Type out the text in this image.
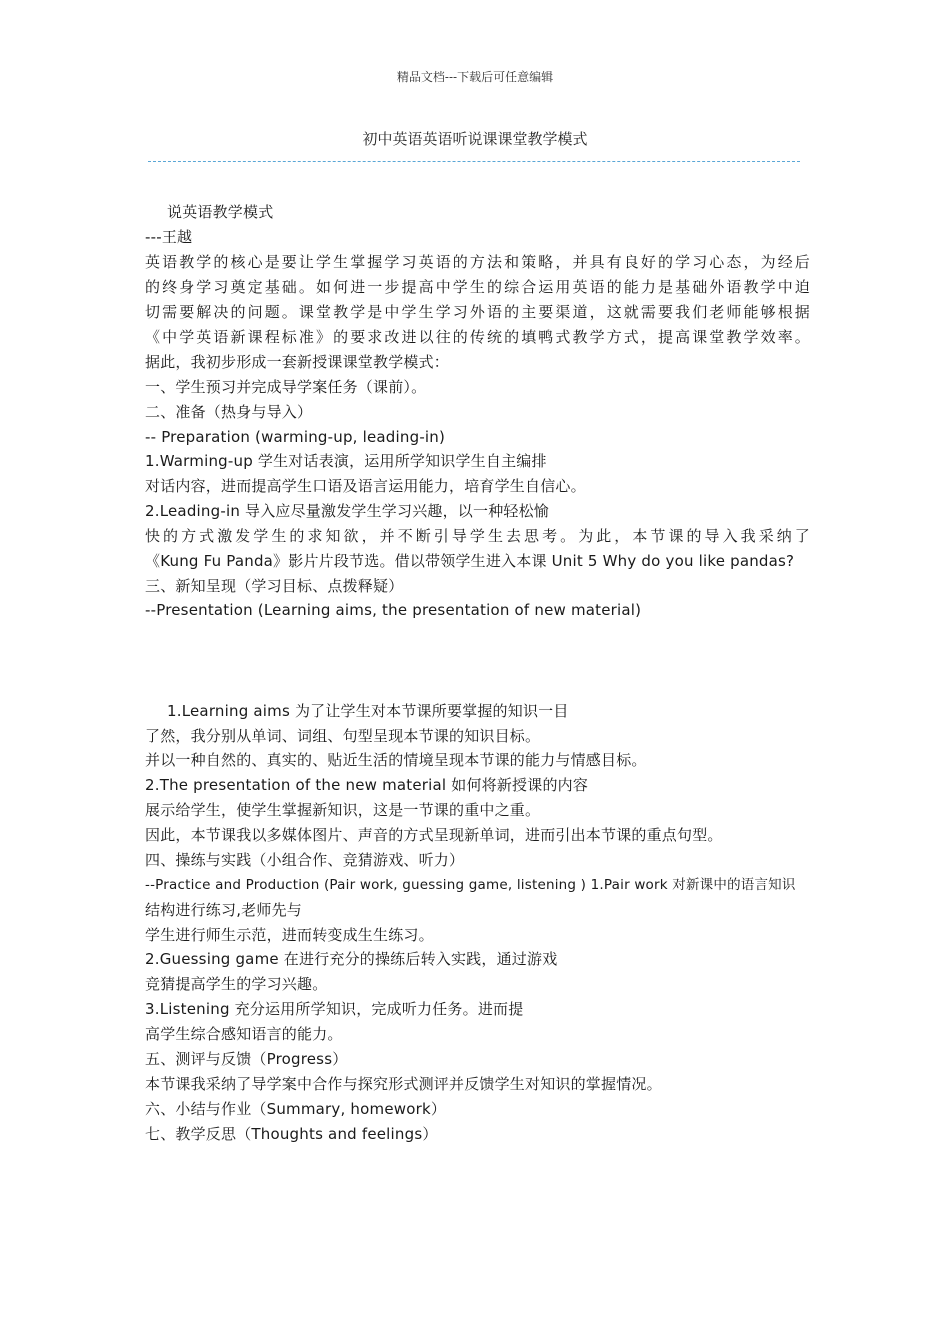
精品文档---下载后可任意编辑
初中英语英语听说课课堂教学模式
说英语教学模式
---王越
英语教学的核心是要让学生掌握学习英语的方法和策略，并具有良好的学习心态，为经后
的终身学习奠定基础。如何进一步提高中学生的综合运用英语的能力是基础外语教学中迫
切需要解决的问题。课堂教学是中学生学习外语的主要渠道，这就需要我们老师能够根据
《中学英语新课程标准》的要求改进以往的传统的填鸭式教学方式，提高课堂教学效率。
据此，我初步形成一套新授课课堂教学模式：
一、学生预习并完成导学案任务（课前）。
二、准备（热身与导入）
-- Preparation (warming-up, leading-in)
1.Warming-up 学生对话表演，运用所学知识学生自主编排
对话内容，进而提高学生口语及语言运用能力，培育学生自信心。
2.Leading-in 导入应尽量激发学生学习兴趣，以一种轻松愉
快的方式激发学生的求知欲，并不断引导学生去思考。为此，本节课的导入我采纳了
《Kung Fu Panda》影片片段节选。借以带领学生进入本课 Unit 5 Why do you like pandas?
三、新知呈现（学习目标、点拨释疑）
--Presentation (Learning aims, the presentation of new material)
1.Learning aims 为了让学生对本节课所要掌握的知识一目
了然，我分别从单词、词组、句型呈现本节课的知识目标。
并以一种自然的、真实的、贴近生活的情境呈现本节课的能力与情感目标。
2.The presentation of the new material 如何将新授课的内容
展示给学生，使学生掌握新知识，这是一节课的重中之重。
因此，本节课我以多媒体图片、声音的方式呈现新单词，进而引出本节课的重点句型。
四、操练与实践（小组合作、竞猜游戏、听力）
--Practice and Production (Pair work, guessing game, listening ) 1.Pair work 对新课中的语言知识
结构进行练习,老师先与
学生进行师生示范，进而转变成生生练习。
2.Guessing game 在进行充分的操练后转入实践，通过游戏
竞猜提高学生的学习兴趣。
3.Listening 充分运用所学知识，完成听力任务。进而提
高学生综合感知语言的能力。
五、测评与反馈（Progress）
本节课我采纳了导学案中合作与探究形式测评并反馈学生对知识的掌握情况。
六、小结与作业（Summary, homework）
七、教学反思（Thoughts and feelings）
